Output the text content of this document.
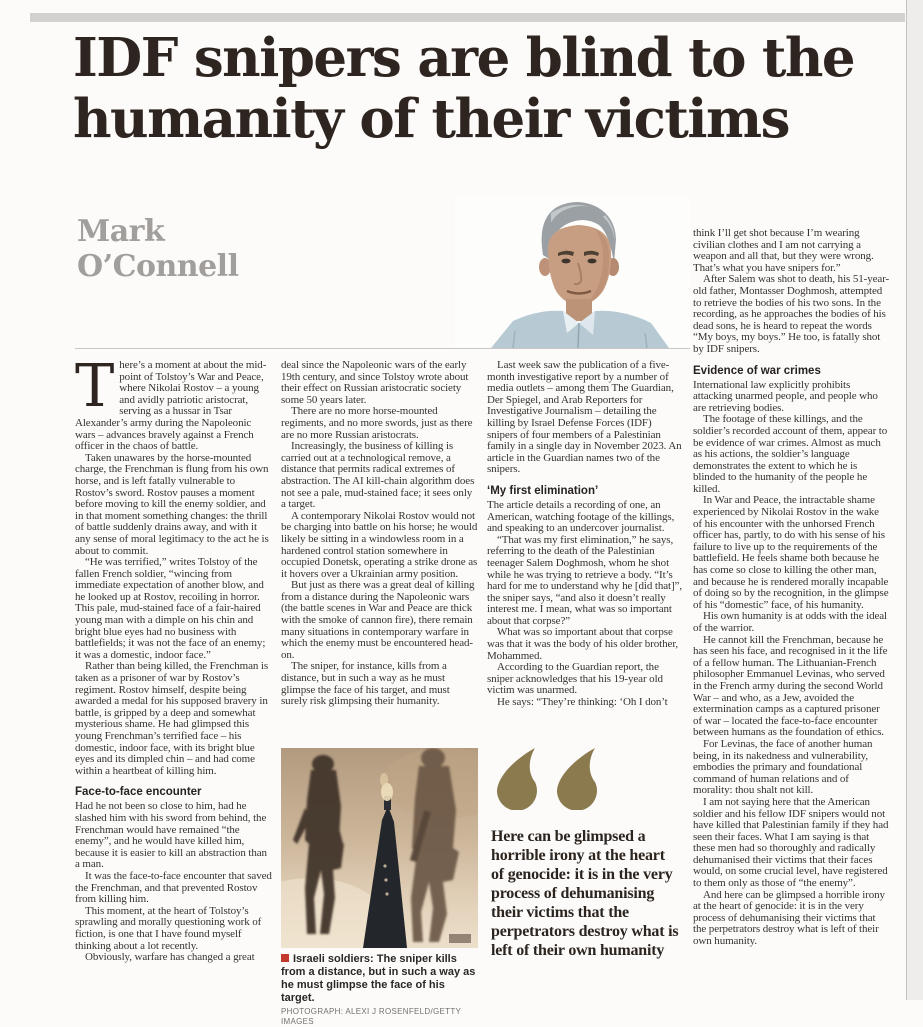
IDF snipers are blind to the humanity of their victims
Mark
O’Connell

There’s a moment at about the mid-point of Tolstoy’s War and Peace, where Nikolai Rostov – a young and avidly patriotic aristocrat, serving as a hussar in Tsar Alexander’s army during the Napoleonic wars – advances bravely against a French officer in the chaos of battle.

Taken unawares by the horse-mounted charge, the Frenchman is flung from his own horse, and is left fatally vulnerable to Rostov’s sword. Rostov pauses a moment before moving to kill the enemy soldier, and in that moment something changes: the thrill of battle suddenly drains away, and with it any sense of moral legitimacy to the act he is about to commit.

“He was terrified,” writes Tolstoy of the fallen French soldier, “wincing from immediate expectation of another blow, and he looked up at Rostov, recoiling in horror. This pale, mud-stained face of a fair-haired young man with a dimple on his chin and bright blue eyes had no business with battlefields; it was not the face of an enemy; it was a domestic, indoor face.”

Rather than being killed, the Frenchman is taken as a prisoner of war by Rostov’s regiment. Rostov himself, despite being awarded a medal for his supposed bravery in battle, is gripped by a deep and somewhat mysterious shame. He had glimpsed this young Frenchman’s terrified face – his domestic, indoor face, with its bright blue eyes and its dimpled chin – and had come within a heartbeat of killing him.

Face-to-face encounter

Had he not been so close to him, had he slashed him with his sword from behind, the Frenchman would have remained “the enemy”, and he would have killed him, because it is easier to kill an abstraction than a man.

It was the face-to-face encounter that saved the Frenchman, and that prevented Rostov from killing him.

This moment, at the heart of Tolstoy’s sprawling and morally questioning work of fiction, is one that I have found myself thinking about a lot recently.

Obviously, warfare has changed a great

deal since the Napoleonic wars of the early 19th century, and since Tolstoy wrote about their effect on Russian aristocratic society some 50 years later.

There are no more horse-mounted regiments, and no more swords, just as there are no more Russian aristocrats.

Increasingly, the business of killing is carried out at a technological remove, a distance that permits radical extremes of abstraction. The AI kill-chain algorithm does not see a pale, mud-stained face; it sees only a target.

A contemporary Nikolai Rostov would not be charging into battle on his horse; he would likely be sitting in a windowless room in a hardened control station somewhere in occupied Donetsk, operating a strike drone as it hovers over a Ukrainian army position.

But just as there was a great deal of killing from a distance during the Napoleonic wars (the battle scenes in War and Peace are thick with the smoke of cannon fire), there remain many situations in contemporary warfare in which the enemy must be encountered head-on.

The sniper, for instance, kills from a distance, but in such a way as he must glimpse the face of his target, and must surely risk glimpsing their humanity.

Israeli soldiers: The sniper kills from a distance, but in such a way as he must glimpse the face of his target.
PHOTOGRAPH: ALEXI J ROSENFELD/GETTY IMAGES

Last week saw the publication of a five-month investigative report by a number of media outlets – among them The Guardian, Der Spiegel, and Arab Reporters for Investigative Journalism – detailing the killing by Israel Defense Forces (IDF) snipers of four members of a Palestinian family in a single day in November 2023. An article in the Guardian names two of the snipers.

‘My first elimination’

The article details a recording of one, an American, watching footage of the killings, and speaking to an undercover journalist.

“That was my first elimination,” he says, referring to the death of the Palestinian teenager Salem Doghmosh, whom he shot while he was trying to retrieve a body. “It’s hard for me to understand why he [did that]”, the sniper says, “and also it doesn’t really interest me. I mean, what was so important about that corpse?”

What was so important about that corpse was that it was the body of his older brother, Mohammed.

According to the Guardian report, the sniper acknowledges that his 19-year old victim was unarmed.

He says: “They’re thinking: ‘Oh I don’t

Here can be glimpsed a horrible irony at the heart of genocide: it is in the very process of dehumanising their victims that the perpetrators destroy what is left of their own humanity

think I’ll get shot because I’m wearing civilian clothes and I am not carrying a weapon and all that, but they were wrong. That’s what you have snipers for.”

After Salem was shot to death, his 51-year-old father, Montasser Doghmosh, attempted to retrieve the bodies of his two sons. In the recording, as he approaches the bodies of his dead sons, he is heard to repeat the words “My boys, my boys.” He too, is fatally shot by IDF snipers.

Evidence of war crimes

International law explicitly prohibits attacking unarmed people, and people who are retrieving bodies.

The footage of these killings, and the soldier’s recorded account of them, appear to be evidence of war crimes. Almost as much as his actions, the soldier’s language demonstrates the extent to which he is blinded to the humanity of the people he killed.

In War and Peace, the intractable shame experienced by Nikolai Rostov in the wake of his encounter with the unhorsed French officer has, partly, to do with his sense of his failure to live up to the requirements of the battlefield. He feels shame both because he has come so close to killing the other man, and because he is rendered morally incapable of doing so by the recognition, in the glimpse of his “domestic” face, of his humanity.

His own humanity is at odds with the ideal of the warrior.

He cannot kill the Frenchman, because he has seen his face, and recognised in it the life of a fellow human. The Lithuanian-French philosopher Emmanuel Levinas, who served in the French army during the second World War – and who, as a Jew, avoided the extermination camps as a captured prisoner of war – located the face-to-face encounter between humans as the foundation of ethics.

For Levinas, the face of another human being, in its nakedness and vulnerability, embodies the primary and foundational command of human relations and of morality: thou shalt not kill.

I am not saying here that the American soldier and his fellow IDF snipers would not have killed that Palestinian family if they had seen their faces. What I am saying is that these men had so thoroughly and radically dehumanised their victims that their faces would, on some crucial level, have registered to them only as those of “the enemy”.

And here can be glimpsed a horrible irony at the heart of genocide: it is in the very process of dehumanising their victims that the perpetrators destroy what is left of their own humanity.
